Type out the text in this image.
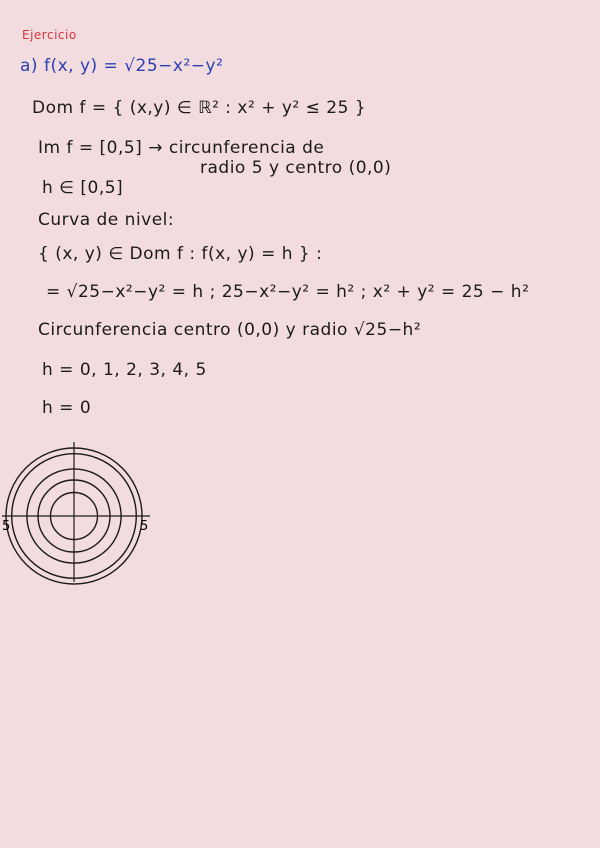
Ejercicio
a) f(x, y) = √25−x²−y²
Dom f = { (x,y) ∈ ℝ² : x² + y² ≤ 25 }
Im f = [0,5] → circunferencia de
radio 5 y centro (0,0)
h ∈ [0,5]
Curva de nivel:
{ (x, y) ∈ Dom f : f(x, y) = h } :
= √25−x²−y² = h ; 25−x²−y² = h² ; x² + y² = 25 − h²
Circunferencia centro (0,0) y radio √25−h²
h = 0, 1, 2, 3, 4, 5
h = 0
5	5
